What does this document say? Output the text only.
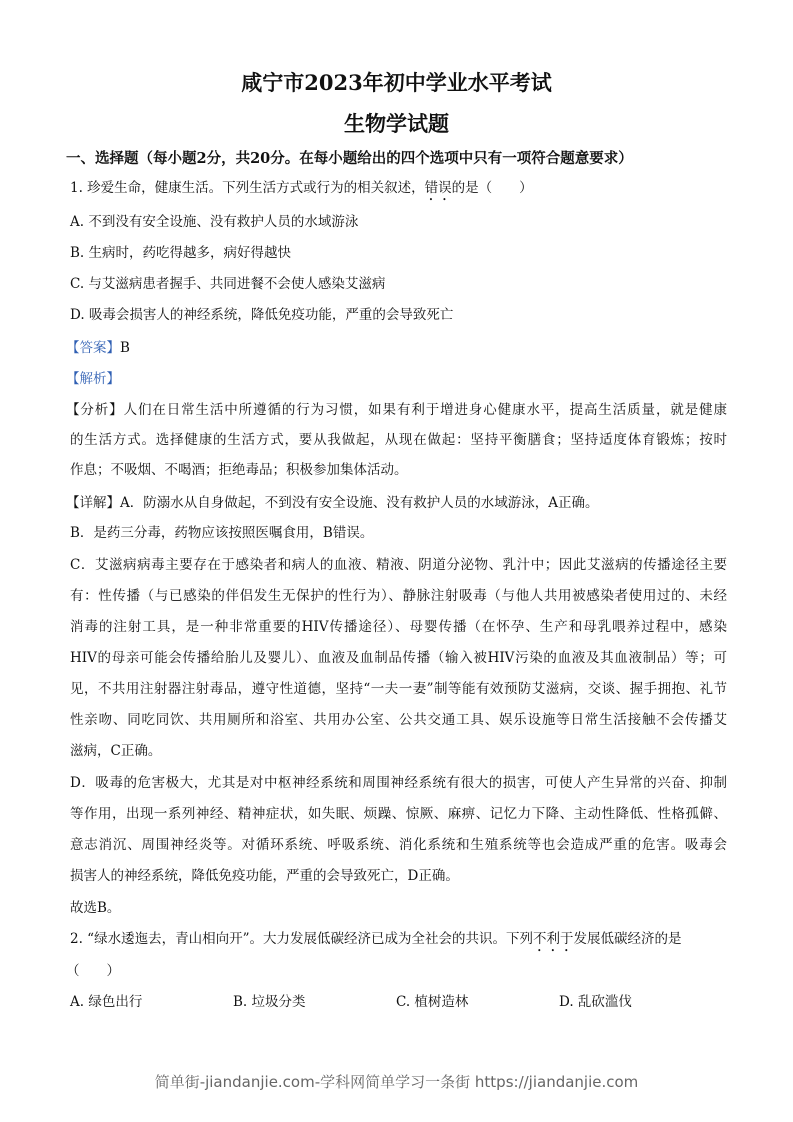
咸宁市2023年初中学业水平考试
生物学试题
一、选择题（每小题2分，共20分。在每小题给出的四个选项中只有一项符合题意要求）
1. 珍爱生命，健康生活。下列生活方式或行为的相关叙述，错误的是（　　）
A. 不到没有安全设施、没有救护人员的水域游泳
B. 生病时，药吃得越多，病好得越快
C. 与艾滋病患者握手、共同进餐不会使人感染艾滋病
D. 吸毒会损害人的神经系统，降低免疫功能，严重的会导致死亡
【答案】B
【解析】
【分析】人们在日常生活中所遵循的行为习惯，如果有利于增进身心健康水平，提高生活质量，就是健康
的生活方式。选择健康的生活方式，要从我做起，从现在做起：坚持平衡膳食；坚持适度体育锻炼；按时
作息；不吸烟、不喝酒；拒绝毒品；积极参加集体活动。
【详解】A．防溺水从自身做起，不到没有安全设施、没有救护人员的水域游泳，A正确。
B．是药三分毒，药物应该按照医嘱食用，B错误。
C．艾滋病病毒主要存在于感染者和病人的血液、精液、阴道分泌物、乳汁中；因此艾滋病的传播途径主要
有：性传播（与已感染的伴侣发生无保护的性行为）、静脉注射吸毒（与他人共用被感染者使用过的、未经
消毒的注射工具，是一种非常重要的HIV传播途径）、母婴传播（在怀孕、生产和母乳喂养过程中，感染
HIV的母亲可能会传播给胎儿及婴儿）、血液及血制品传播（输入被HIV污染的血液及其血液制品）等；可
见，不共用注射器注射毒品，遵守性道德，坚持“一夫一妻”制等能有效预防艾滋病，交谈、握手拥抱、礼节
性亲吻、同吃同饮、共用厕所和浴室、共用办公室、公共交通工具、娱乐设施等日常生活接触不会传播艾
滋病，C正确。
D．吸毒的危害极大，尤其是对中枢神经系统和周围神经系统有很大的损害，可使人产生异常的兴奋、抑制
等作用，出现一系列神经、精神症状，如失眠、烦躁、惊厥、麻痹、记忆力下降、主动性降低、性格孤僻、
意志消沉、周围神经炎等。对循环系统、呼吸系统、消化系统和生殖系统等也会造成严重的危害。吸毒会
损害人的神经系统，降低免疫功能，严重的会导致死亡，D正确。
故选B。
2. “绿水逶迤去，青山相向开”。大力发展低碳经济已成为全社会的共识。下列不利于发展低碳经济的是
（　　）
A. 绿色出行	B. 垃圾分类	C. 植树造林	D. 乱砍滥伐
简单街-jiandanjie.com-学科网简单学习一条街 https://jiandanjie.com
